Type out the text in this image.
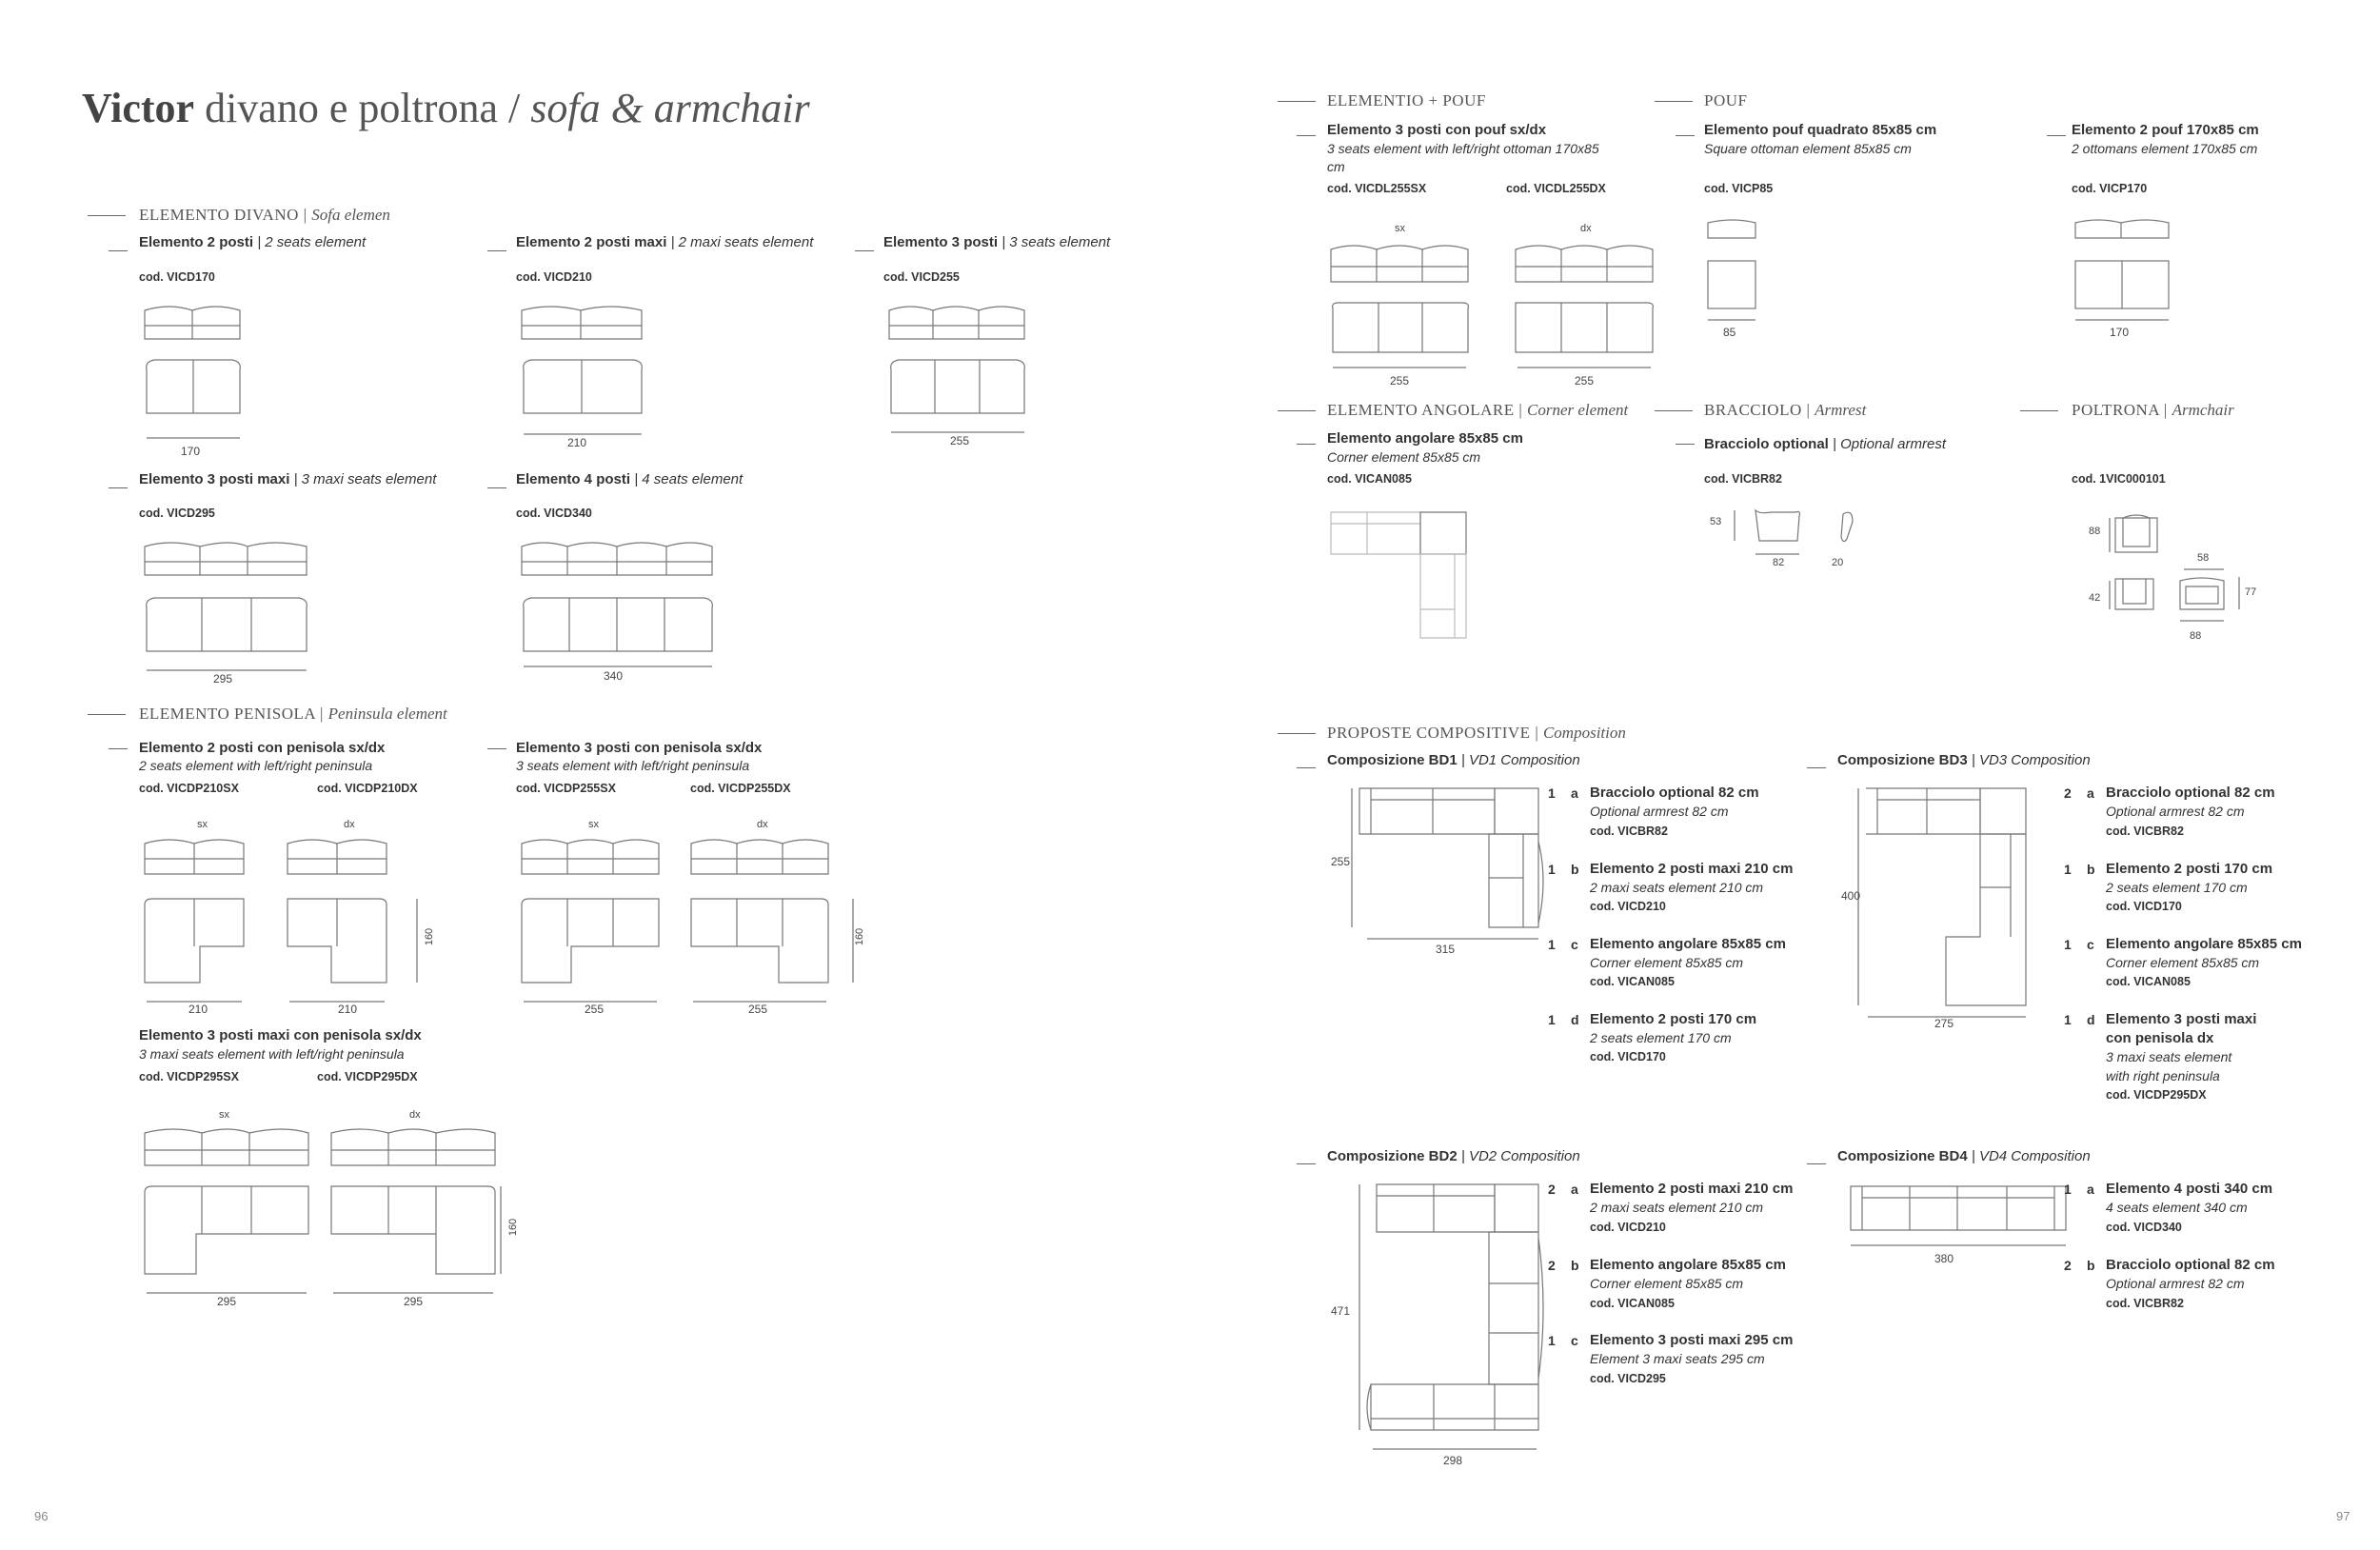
Victor divano e poltrona / sofa & armchair
ELEMENTO DIVANO | Sofa elemen
Elemento 2 posti | 2 seats element
cod. VICD170
170
Elemento 2 posti maxi | 2 maxi seats element
cod. VICD210
210
Elemento 3 posti | 3 seats element
cod. VICD255
255
Elemento 3 posti maxi | 3 maxi seats element
cod. VICD295
295
Elemento 4 posti | 4 seats element
cod. VICD340
340
ELEMENTO PENISOLA | Peninsula element
Elemento 2 posti con penisola sx/dx
2 seats element with left/right peninsula
cod. VICDP210SX	cod. VICDP210DX
sx	dx
160
210	210
Elemento 3 posti con penisola sx/dx
3 seats element with left/right peninsula
cod. VICDP255SX	cod. VICDP255DX
sx	dx
160
255	255
Elemento 3 posti maxi con penisola sx/dx
3 maxi seats element with left/right peninsula
cod. VICDP295SX	cod. VICDP295DX
sx	dx
160
295	295
96
ELEMENTIO + POUF
Elemento 3 posti con pouf sx/dx
3 seats element with left/right ottoman 170x85
cm
cod. VICDL255SX	cod. VICDL255DX
sx	dx
255	255
POUF
Elemento pouf quadrato 85x85 cm
Square ottoman element 85x85 cm
cod. VICP85
85
Elemento 2 pouf 170x85 cm
2 ottomans element 170x85 cm
cod. VICP170
170
ELEMENTO ANGOLARE | Corner element
Elemento angolare 85x85 cm
Corner element 85x85 cm
cod. VICAN085
BRACCIOLO | Armrest
Bracciolo optional | Optional armrest
cod. VICBR82
53
82	20
POLTRONA | Armchair
cod. 1VIC000101
88
58
42	77
88
PROPOSTE COMPOSITIVE | Composition
Composizione BD1 | VD1 Composition
255
315
1 a Bracciolo optional 82 cm
Optional armrest 82 cm
cod. VICBR82
1 b Elemento 2 posti maxi 210 cm
2 maxi seats element 210 cm
cod. VICD210
1 c Elemento angolare 85x85 cm
Corner element 85x85 cm
cod. VICAN085
1 d Elemento 2 posti 170 cm
2 seats element 170 cm
cod. VICD170
Composizione BD3 | VD3 Composition
400
275
2 a Bracciolo optional 82 cm
Optional armrest 82 cm
cod. VICBR82
1 b Elemento 2 posti 170 cm
2 seats element 170 cm
cod. VICD170
1 c Elemento angolare 85x85 cm
Corner element 85x85 cm
cod. VICAN085
1 d Elemento 3 posti maxi
con penisola dx
3 maxi seats element
with right peninsula
cod. VICDP295DX
Composizione BD2 | VD2 Composition
471
298
2 a Elemento 2 posti maxi 210 cm
2 maxi seats element 210 cm
cod. VICD210
2 b Elemento angolare 85x85 cm
Corner element 85x85 cm
cod. VICAN085
1 c Elemento 3 posti maxi 295 cm
Element 3 maxi seats 295 cm
cod. VICD295
Composizione BD4 | VD4 Composition
380
1 a Elemento 4 posti 340 cm
4 seats element 340 cm
cod. VICD340
2 b Bracciolo optional 82 cm
Optional armrest 82 cm
cod. VICBR82
97
